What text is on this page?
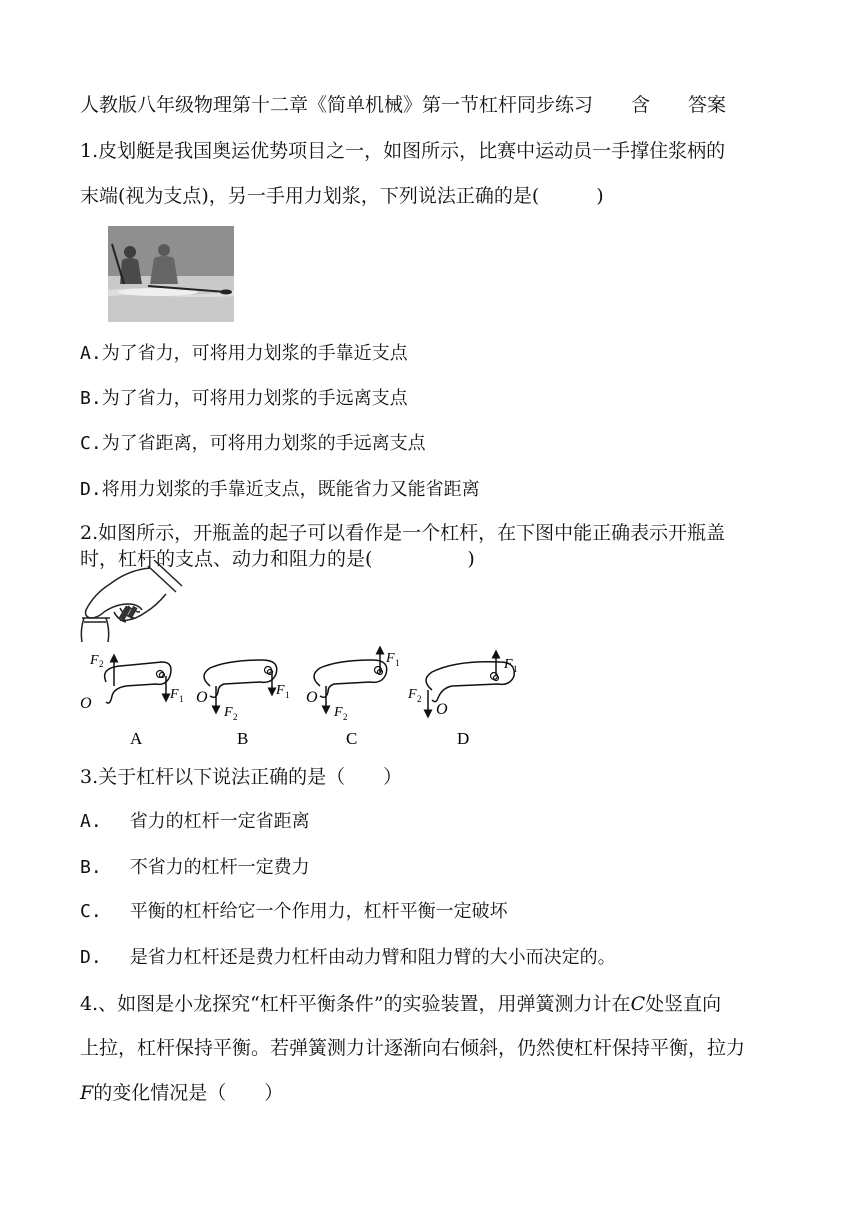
人教版八年级物理第十二章《简单机械》第一节杠杆同步练习　　含　　答案
1.皮划艇是我国奥运优势项目之一，如图所示，比赛中运动员一手撑住浆柄的
末端(视为支点)，另一手用力划浆，下列说法正确的是(　　　)
A.为了省力，可将用力划浆的手靠近支点
B.为了省力，可将用力划浆的手远离支点
C.为了省距离，可将用力划浆的手远离支点
D.将用力划浆的手靠近支点，既能省力又能省距离
2.如图所示，开瓶盖的起子可以看作是一个杠杆，在下图中能正确表示开瓶盖
时，杠杆的支点、动力和阻力的是(　　　　　)
F 2
O
F 1
A
O
F 2
F 1
B
O
F 2
F 1
C
F 2
O
F 1
D
3.关于杠杆以下说法正确的是（　　）
A. 省力的杠杆一定省距离
B. 不省力的杠杆一定费力
C. 平衡的杠杆给它一个作用力，杠杆平衡一定破坏
D. 是省力杠杆还是费力杠杆由动力臂和阻力臂的大小而决定的。
4.、如图是小龙探究“杠杆平衡条件”的实验装置，用弹簧测力计在C处竖直向
上拉，杠杆保持平衡。若弹簧测力计逐渐向右倾斜，仍然使杠杆保持平衡，拉力
F的变化情况是（　　）
